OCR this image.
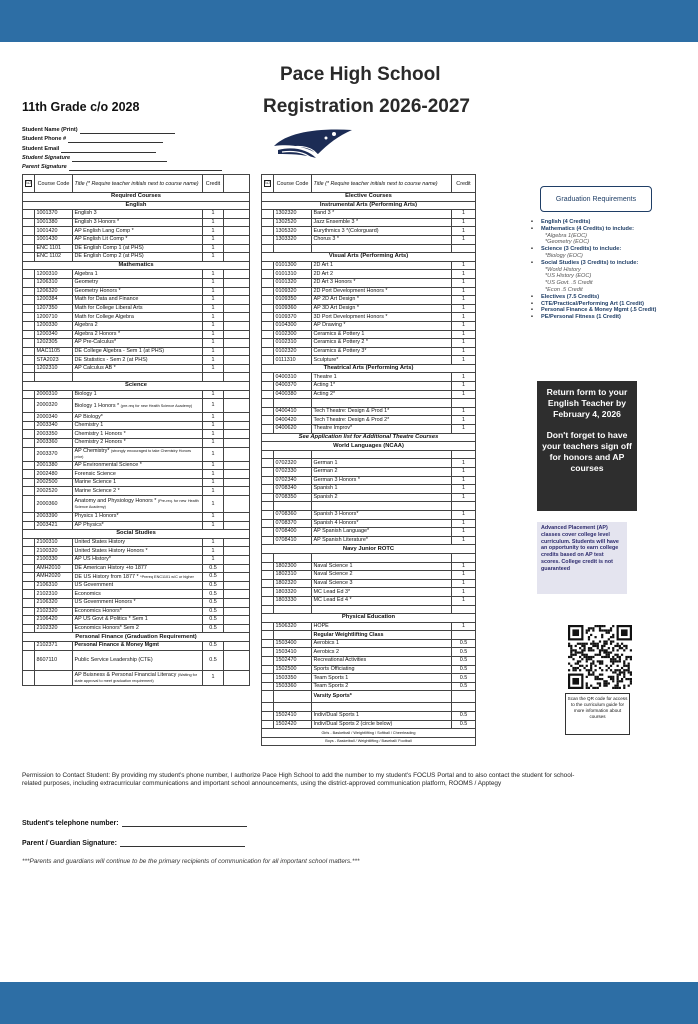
Pace High School
11th Grade c/o 2028	Registration 2026-2027
Student Name (Print)
Student Phone #
Student Email
Student Signature
Parent Signature
☑	Course Code	Title (* Require teacher initials next to course name)	Credit	
Required Courses				
English				
	1001370	English 3	1	
	1001380	English 3 Honors *	1	
	1001420	AP English Lang Comp *	1	
	1001430	AP English Lit Comp *	1	
	ENC 1101	DE English Comp 1 (at PHS)	1	
	ENC 1102	DE English Comp 2 (at PHS)	1	
Mathematics				
	1200310	Algebra 1	1	
	1206310	Geometry	1	
	1206320	Geometry Honors *	1	
	1200384	Math for Data and Finance	1	
	1207350	Math for College Liberal Arts	1	
	1200710	Math for College Algebra	1	
	1200330	Algebra 2	1	
	1200340	Algebra 2 Honors *	1	
	1202305	AP Pre-Calculus*	1	
	MAC1105	DE College Algebra - Sem 1 (at PHS)	1	
	STA2023	DE Statistics - Sem 2 (at PHS)	1	
	1202310	AP Calculus AB *	1	

Science				
	2000310	Biology 1	1	
	2000320	Biology 1 Honors * (pre-req for new Health Science Academy)	1	
	2000340	AP Biology*	1	
	2003340	Chemistry 1	1	
	2003350	Chemistry 1 Honors *	1	
	2003360	Chemistry 2 Honors *	1	
	2003370	AP Chemistry* (strongly encouraged to take Chemistry Honors prior)	1	
	2001380	AP Environmental Science *	1	
	2002480	Forensic Science	1	
	2002500	Marine Science 1	1	
	2002520	Marine Science 2 *	1	
	2000360	Anatomy and Physiology Honors * (Pre-req. for new Health Science Academy)	1	
	2003390	Physics 1 Honors*	1	
	2003421	AP Physics*	1	
Social Studies				
	2100310	United States History	1	
	2100320	United States History Honors *	1	
	2100330	AP US History*	1	
	AMH2010	DE American History +to 1877	0.5	
	AMH2020	DE US History from 1877 * *Prereq ENC1101 w/C or higher	0.5	
	2106310	US Government	0.5	
	2102310	Economics	0.5	
	2106320	US Government Honors *	0.5	
	2102320	Economics Honors*	0.5	
	2106420	AP US Govt & Politics * Sem 1	0.5	
	2102320	Economics Honors* Sem 2	0.5	
Personal Finance (Graduation Requirement)				
	2102371	Personal Finance & Money Mgmt	0.5	
	8607110	Public Service Leadership (CTE)	0.5	
		AP Buisness & Personal Financial Literacy (Waiting for state approval to meet graduation requirement)	1	
☑	Course Code	Title (* Require teacher initials next to course name)	Credit
Elective Courses			
Instrumental Arts (Performing Arts)			
	1302320	Band 3 *	1
	1302520	Jazz Ensemble 3 *	1
	1305320	Eurythmics 3 *(Colorguard)	1
	1303320	Chorus 3 *	1

Visual Arts (Performing Arts)			
	0101300	2D Art 1	1
	0101310	2D Art 2	1
	0101320	2D Art 3 Honors *	1
	0109320	2D Port Development Honors *	1
	0109350	AP 2D Art Design *	1
	0109360	AP 3D Art Design *	1
	0109370	3D Port Development Honors *	1
	0104300	AP Drawing *	1
	0102300	Ceramics & Pottery 1	1
	0102310	Ceramics & Pottery 2 *	1
	0102320	Ceramics & Pottery 3*	1
	0111310	Sculpture*	1
Theatrical Arts (Performing Arts)			
	0400310	Theatre 1	1
	0400370	Acting 1*	1
	0400380	Acting 2*	1

	0400410	Tech Theatre: Design & Prod 1*	1
	0400420	Tech Theatre: Design & Prod 2*	1
	0400620	Theatre Improv*	1
See Application list for Additional Theatre Courses			
World Languages (NCAA)			

	0702320	German 1	1
	0702330	German 2	1
	0702340	German 3 Honors *	1
	0708340	Spanish 1	1
	0708350	Spanish 2	1

	0708360	Spanish 3 Honors*	1
	0708370	Spanish 4 Honors*	1
	0708400	AP Spanish Language*	1
	0708410	AP Spanish Literature*	1
Navy Junior ROTC			

	1802300	Naval Science 1	1
	1802310	Naval Science 2	1
	1802320	Naval Science 3	1
	1803320	MC Lead Ed 3*	1
	1803330	MC Lead Ed 4 *	1

Physical Education			
	1506320	HOPE	1
		Regular Weightlifting Class	
	1503400	Aerobics 1	0.5
	1503410	Aerobics 2	0.5
	1502470	Recreational Activities	0.5
	1502500	Sports Officiating	0.5
	1503350	Team Sports 1	0.5
	1503360	Team Sports 2	0.5
		Varsity Sports*	

	1502410	Indiv/Dual Sports 1	0.5
	1502420	Indiv/Dual Sports 2 (circle below)	0.5
Girls - Basketball / Weightlifting / Softball / Cheerleading			
Boys - Basketball / Weightlifting / Baseball/ Football			
Graduation Requirements
• English (4 Credits)
• Mathematics (4 Credits) to include:
*Algebra 1(EOC)
*Geometry (EOC)
• Science (3 Credits) to include:
*Biology (EOC)
• Social Studies (3 Credits) to include:
*World History
*US History (EOC)
*US Govt. .5 Credit
*Econ .5 Credit
• Electives (7.5 Credits)
• CTE/Practical/Performing Art (1 Credit)
• Personal Finance & Money Mgmt (.5 Credit)
• PE/Personal Fitness (1 Credit)

Return form to your English Teacher by February 4, 2026

Don't forget to have your teachers sign off for honors and AP courses

Advanced Placement (AP) classes cover college level curriculum. Students will have an opportunity to earn college credits based on AP test scores. College credit is not guaranteed
Scan the QR code for access to the curriculum guide for more information about courses
Permission to Contact Student: By providing my student's phone number, I authorize Pace High School to add the number to my student's FOCUS Portal and to also contact the student for school-related purposes, including extracurricular communications and important school announcements, using the district-approved communication platform, ROOMS / Apptegy
Student's telephone number:
Parent / Guardian Signature:
***Parents and guardians will continue to be the primary recipients of communication for all important school matters.***
